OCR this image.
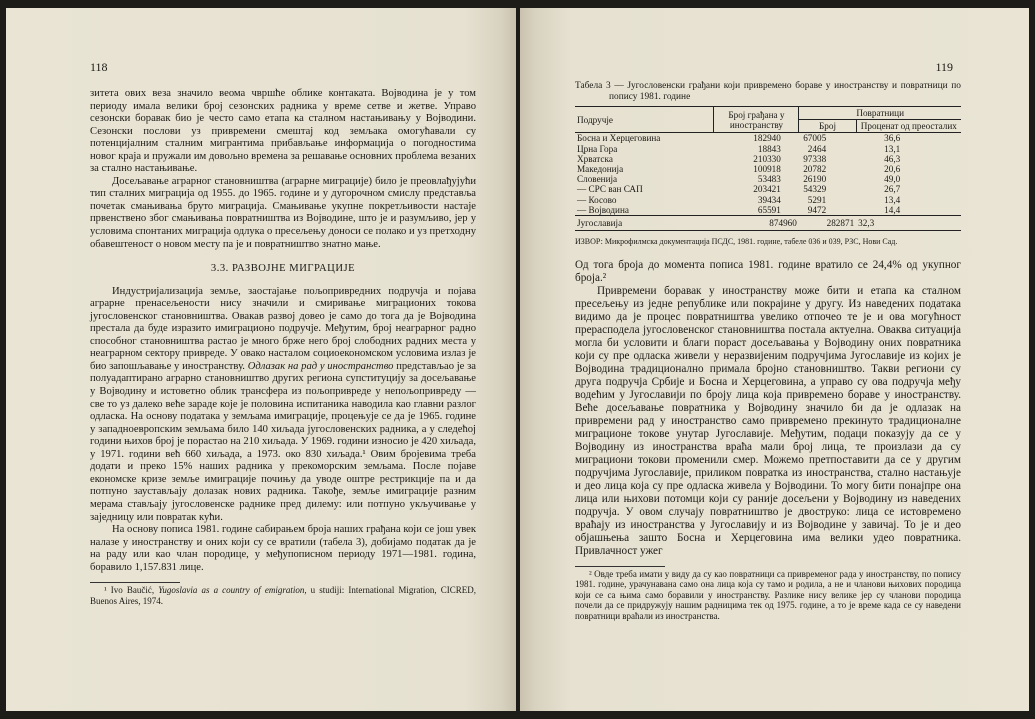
118

зитета ових веза значило веома чвршће облике контаката. Војводина је у том периоду имала велики број сезонских радника у време сетве и жетве. Управо сезонски боравак био је често само етапа ка сталном настањивању у Војводини. Сезонски послови уз привремени смештај код земљака омогућавали су потенцијалним сталним мигрантима прибављање информација о погодностима новог краја и пружали им довољно времена за решавање основних проблема везаних за стално настањивање.

Досељавање аграрног становништва (аграрне миграције) било је преовлађујући тип сталних миграција од 1955. до 1965. године и у дугорочном смислу представља почетак смањивања бруто миграција. Смањивање укупне покретљивости настаје првенствено због смањивања повратништва из Војводине, што је и разумљиво, јер у условима спонтаних миграција одлука о пресељењу доноси се полако и уз претходну обавештеност о новом месту па је и повратништво знатно мање.

3.3. РАЗВОЈНЕ МИГРАЦИЈЕ

Индустријализација земље, заостајање пољопривредних подручја и појава аграрне пренасељености нису значили и смиривање миграционих токова југословенског становништва. Овакав развој довео је само до тога да је Војводина престала да буде изразито имиграционо подручје. Међутим, број неаграрног радно способног становништва растао је много брже него број слободних радних места у неаграрном сектору привреде. У овако насталом социоекономском условима излаз је био запошљавање у иностранству. Одлазак на рад у иностранство представљао је за полуадаптирано аграрно становништво других региона супституцију за досељавање у Војводину и истоветно облик трансфера из пољопривреде у непољопривреду — све то уз далеко веће зараде које је половина испитаника наводила као главни разлог одласка. На основу података у земљама имиграције, процењује се да је 1965. године у западноевропским земљама било 140 хиљада југословенских радника, а у следећој години њихов број је порастао на 210 хиљада. У 1969. години износио је 420 хиљада, у 1971. години већ 660 хиљада, а 1973. око 830 хиљада.¹ Овим бројевима треба додати и преко 15% наших радника у прекоморским земљама. После појаве економске кризе земље имиграције почињу да уводе оштре рестрикције па и да потпуно заустављају долазак нових радника. Такође, земље имиграције разним мерама стављају југословенске раднике пред дилему: или потпуно укључивање у заједницу или повратак кући.

На основу пописа 1981. године сабирањем броја наших грађана који се још увек налазе у иностранству и оних који су се вратили (табела 3), добијамо податак да је на раду или као члан породице, у међупописном периоду 1971—1981. година, боравило 1,157.831 лице.

¹ Ivo Baučić, Yugoslavia as a country of emigration, u studiji: International Migration, CICRED, Buenos Aires, 1974.

119
Табела 3 — Југословенски грађани који привремено бораве у иностранству и повратници по попису 1981. године
Подручје	Број грађана у иностранству	Повратници	
		Број	Проценат од преосталих
Босна и Херцеговина	182940	67005	36,6
Црна Гора	18843	2464	13,1
Хрватска	210330	97338	46,3
Македонија	100918	20782	20,6
Словенија	53483	26190	49,0
— СРС ван САП	203421	54329	26,7
— Косово	39434	5291	13,4
— Војводина	65591	9472	14,4
Југославија	874960	282871	32,3
ИЗВОР: Микрофилмска документација ПСДС, 1981. године, табеле 036 и 039, РЗС, Нови Сад.

Од тога броја до момента пописа 1981. године вратило се 24,4% од укупног броја.²

Привремени боравак у иностранству може бити и етапа ка сталном пресељењу из једне републике или покрајине у другу. Из наведених података видимо да је процес повратништва увелико отпочео те је и ова могућност прерасподела југословенског становништва постала актуелна. Оваква ситуација могла би условити и благи пораст досељавања у Војводину оних повратника који су пре одласка живели у неразвијеним подручјима Југославије из којих је Војводина традиционално примала бројно становништво. Такви региони су друга подручја Србије и Босна и Херцеговина, а управо су ова подручја међу водећим у Југославији по броју лица која привремено бораве у иностранству. Веће досељавање повратника у Војводину значило би да је одлазак на привремени рад у иностранство само привремено прекинуто традиционалне миграционе токове унутар Југославије. Међутим, подаци показују да се у Војводину из иностранства враћа мали број лица, те произлази да су миграциони токови променили смер. Можемо претпоставити да се у другим подручјима Југославије, приликом повратка из иностранства, стално настањује и део лица која су пре одласка живела у Војводини. То могу бити понајпре она лица или њихови потомци који су раније досељени у Војводину из наведених подручја. У овом случају повратништво је двоструко: лица се истовремено враћају из иностранства у Југославију и из Војводине у завичај. То је и део објашњења зашто Босна и Херцеговина има велики удео повратника. Привлачност ужег

² Овде треба имати у виду да су као повратници са привременог рада у иностранству, по попису 1981. године, урачунавана само она лица која су тамо и родила, а не и чланови њихових породица који се са њима само боравили у иностранству. Разлике нису велике јер су чланови породица почели да се придружују нашим радницима тек од 1975. године, а то је време када се су наведени повратници враћали из иностранства.
